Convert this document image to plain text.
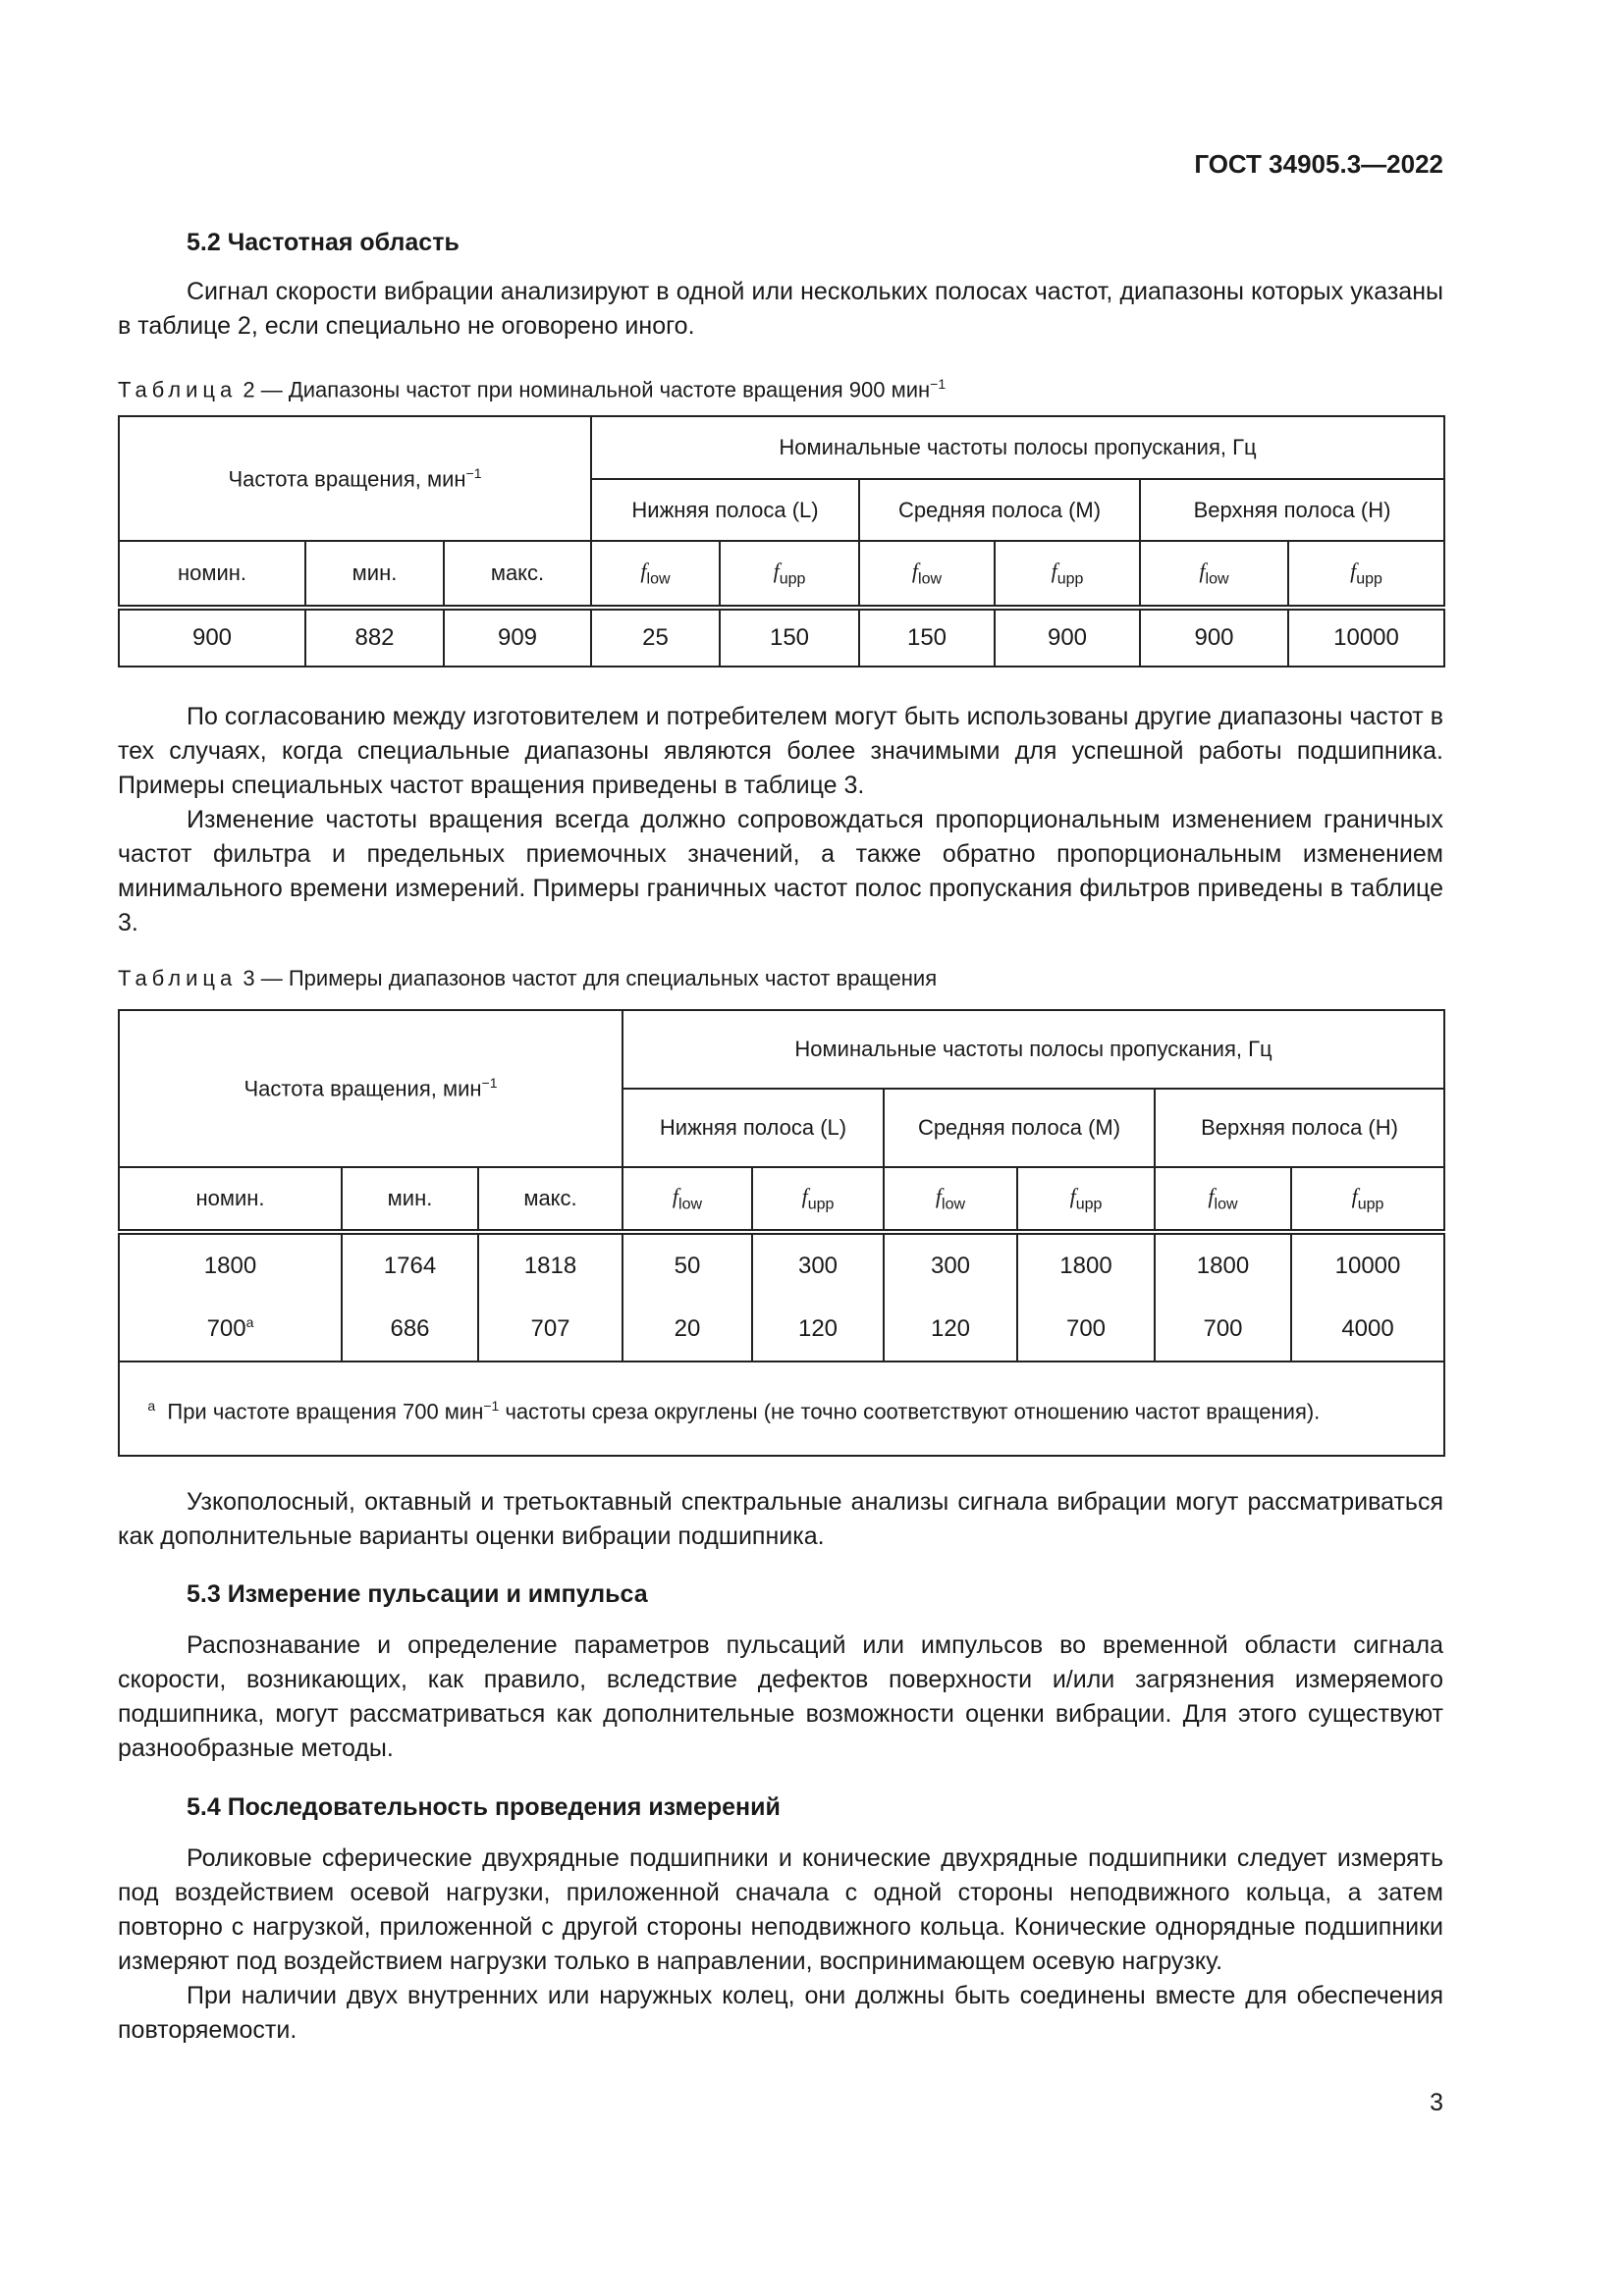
ГОСТ 34905.3—2022
5.2 Частотная область

Сигнал скорости вибрации анализируют в одной или нескольких полосах частот, диапазоны которых указаны в таблице 2, если специально не оговорено иного.

Таблица 2 — Диапазоны частот при номинальной частоте вращения 900 мин$^{-1}$
Частота вращения, мин$^{-1}$			Номинальные частоты полосы пропускания, Гц					
			Нижняя полоса (L)		Средняя полоса (M)		Верхняя полоса (H)	
номин.	мин.	макс.	$f_{low}$	$f_{upp}$	$f_{low}$	$f_{upp}$	$f_{low}$	$f_{upp}$
900	882	909	25	150	150	900	900	10000

По согласованию между изготовителем и потребителем могут быть использованы другие диапазоны частот в тех случаях, когда специальные диапазоны являются более значимыми для успешной работы подшипника. Примеры специальных частот вращения приведены в таблице 3.

Изменение частоты вращения всегда должно сопровождаться пропорциональным изменением граничных частот фильтра и предельных приемочных значений, а также обратно пропорциональным изменением минимального времени измерений. Примеры граничных частот полос пропускания фильтров приведены в таблице 3.

Таблица 3 — Примеры диапазонов частот для специальных частот вращения
Частота вращения, мин$^{-1}$			Номинальные частоты полосы пропускания, Гц					
			Нижняя полоса (L)		Средняя полоса (M)		Верхняя полоса (H)	
номин.	мин.	макс.	$f_{low}$	$f_{upp}$	$f_{low}$	$f_{upp}$	$f_{low}$	$f_{upp}$
1800	1764	1818	50	300	300	1800	1800	10000
700$^a$	686	707	20	120	120	700	700	4000
$^a$ При частоте вращения 700 мин$^{-1}$ частоты среза округлены (не точно соответствуют отношению частот вращения).								

Узкополосный, октавный и третьоктавный спектральные анализы сигнала вибрации могут рассматриваться как дополнительные варианты оценки вибрации подшипника.

5.3 Измерение пульсации и импульса

Распознавание и определение параметров пульсаций или импульсов во временной области сигнала скорости, возникающих, как правило, вследствие дефектов поверхности и/или загрязнения измеряемого подшипника, могут рассматриваться как дополнительные возможности оценки вибрации. Для этого существуют разнообразные методы.

5.4 Последовательность проведения измерений

Роликовые сферические двухрядные подшипники и конические двухрядные подшипники следует измерять под воздействием осевой нагрузки, приложенной сначала с одной стороны неподвижного кольца, а затем повторно с нагрузкой, приложенной с другой стороны неподвижного кольца. Конические однорядные подшипники измеряют под воздействием нагрузки только в направлении, воспринимающем осевую нагрузку.

При наличии двух внутренних или наружных колец, они должны быть соединены вместе для обеспечения повторяемости.

3
